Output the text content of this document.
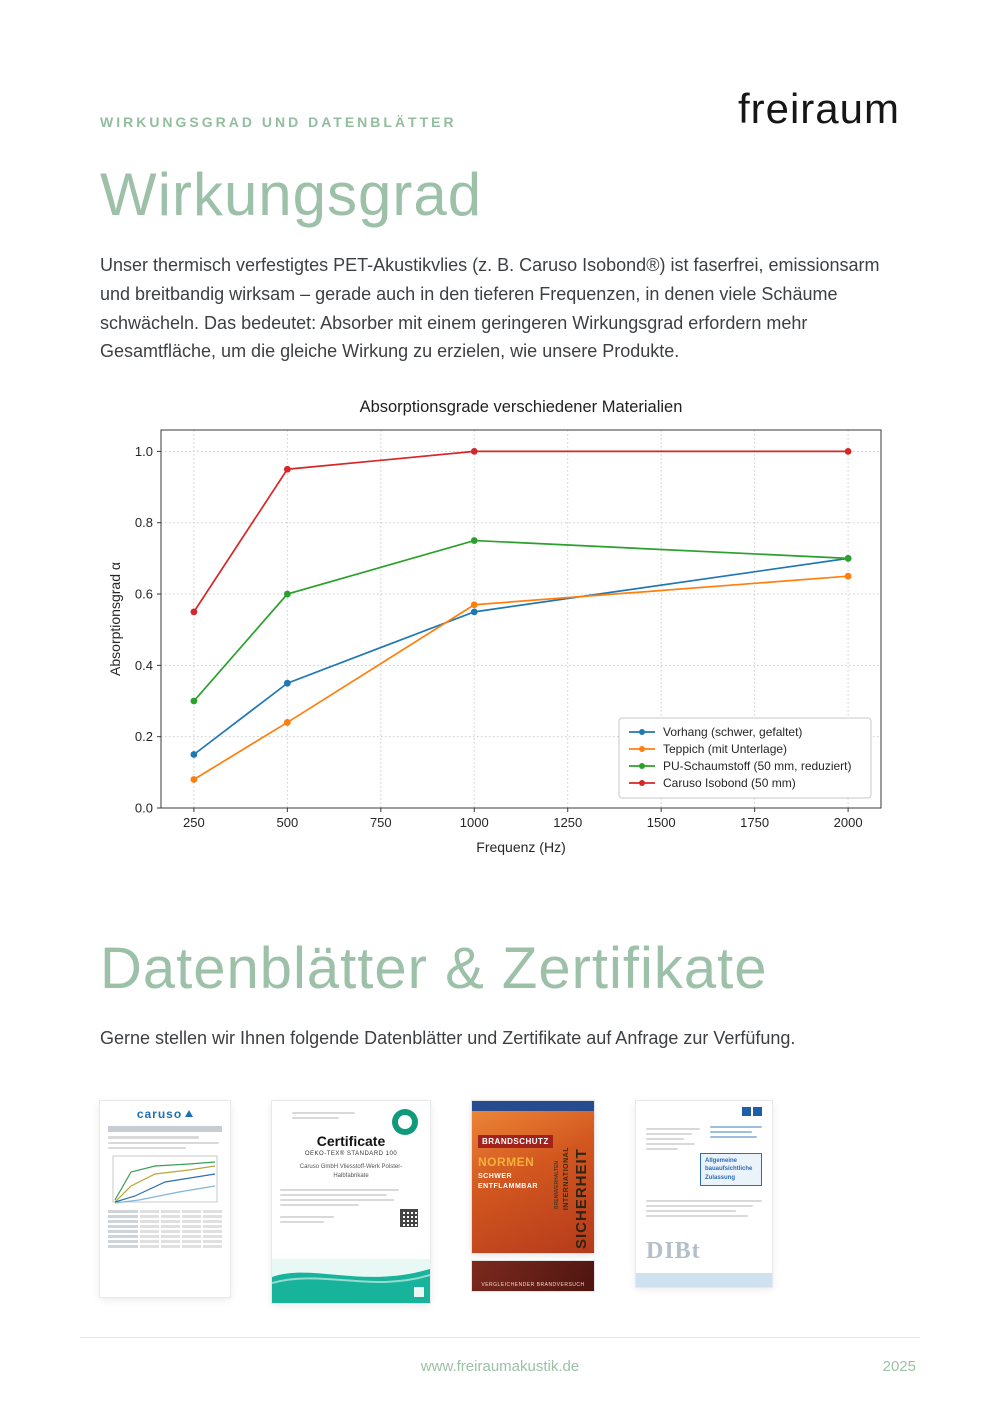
WIRKUNGSGRAD UND DATENBLÄTTER	freiraum
Wirkungsgrad

Unser thermisch verfestigtes PET-Akustikvlies (z. B. Caruso Isobond®) ist faserfrei, emissionsarm und breitbandig wirksam – gerade auch in den tieferen Frequenzen, in denen viele Schäume schwächeln. Das bedeutet: Absorber mit einem geringeren Wirkungsgrad erfordern mehr Gesamtfläche, um die gleiche Wirkung zu erzielen, wie unsere Produkte.

250	500	750	1000	1250	1500	1750	2000
0.0
0.2
0.4
0.6
0.8
1.0
Frequenz (Hz)
Absorptionsgrad α
Absorptionsgrade verschiedener Materialien
Vorhang (schwer, gefaltet)
Teppich (mit Unterlage)
PU-Schaumstoff (50 mm, reduziert)
Caruso Isobond (50 mm)
Datenblätter & Zertifikate

Gerne stellen wir Ihnen folgende Datenblätter und Zertifikate auf Anfrage zur Verfüfung.

caruso
Certificate
OEKO-TEX® STANDARD 100
Caruso GmbH Vliesstoff-Werk Polster-Halbfabrikate
BRANDSCHUTZ
NORMEN
SCHWER
ENTFLAMMBAR SICHERHEIT
INTERNATIONAL
BRENNVERHALTEN
VERGLEICHENDER BRANDVERSUCH
Allgemeine bauaufsichtliche Zulassung
DIBt
www.freiraumakustik.de	2025
